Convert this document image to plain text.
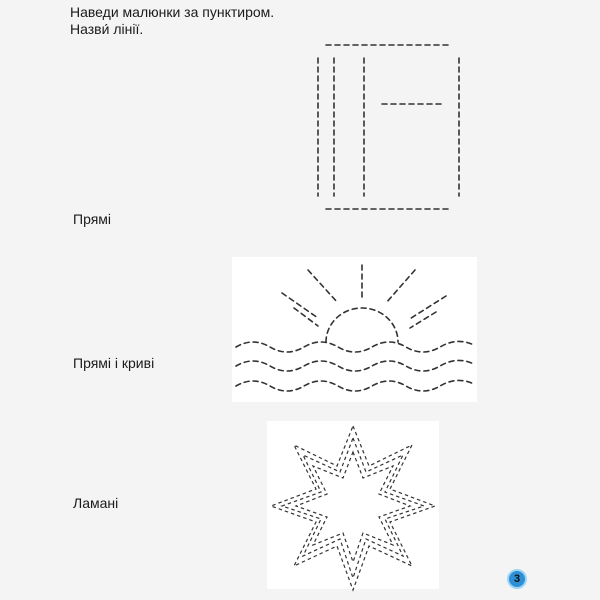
Наведи малюнки за пунктиром.

Назви́ лінії.

Прямі

Прямі і криві

Ламані

3
